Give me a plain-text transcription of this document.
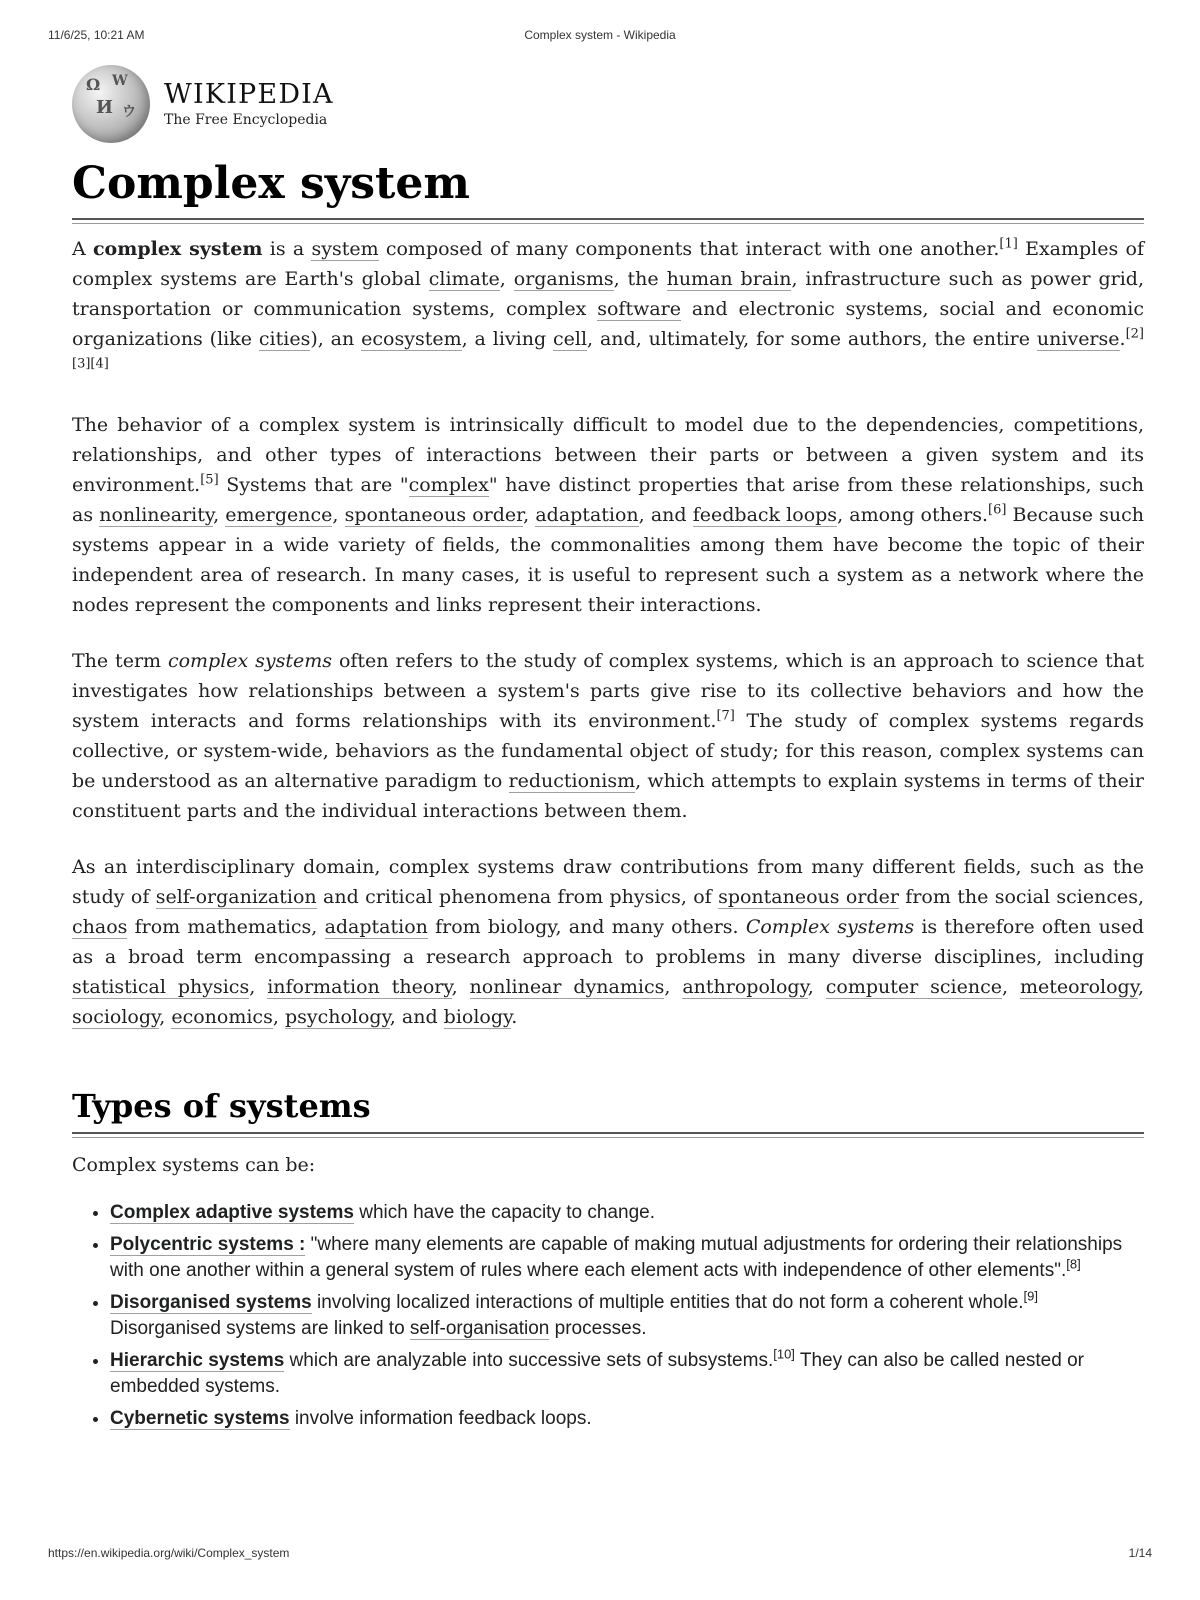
11/6/25, 10:21 AM	Complex system - Wikipedia
Ω W
И ウ
WIKIPEDIA
The Free Encyclopedia
Complex system

A complex system is a system composed of many components that interact with one another.[1] Examples of complex systems are Earth's global climate, organisms, the human brain, infrastructure such as power grid, transportation or communication systems, complex software and electronic systems, social and economic organizations (like cities), an ecosystem, a living cell, and, ultimately, for some authors, the entire universe.[2][3][4]

The behavior of a complex system is intrinsically difficult to model due to the dependencies, competitions, relationships, and other types of interactions between their parts or between a given system and its environment.[5] Systems that are "complex" have distinct properties that arise from these relationships, such as nonlinearity, emergence, spontaneous order, adaptation, and feedback loops, among others.[6] Because such systems appear in a wide variety of fields, the commonalities among them have become the topic of their independent area of research. In many cases, it is useful to represent such a system as a network where the nodes represent the components and links represent their interactions.

The term complex systems often refers to the study of complex systems, which is an approach to science that investigates how relationships between a system's parts give rise to its collective behaviors and how the system interacts and forms relationships with its environment.[7] The study of complex systems regards collective, or system-wide, behaviors as the fundamental object of study; for this reason, complex systems can be understood as an alternative paradigm to reductionism, which attempts to explain systems in terms of their constituent parts and the individual interactions between them.

As an interdisciplinary domain, complex systems draw contributions from many different fields, such as the study of self-organization and critical phenomena from physics, of spontaneous order from the social sciences, chaos from mathematics, adaptation from biology, and many others. Complex systems is therefore often used as a broad term encompassing a research approach to problems in many diverse disciplines, including statistical physics, information theory, nonlinear dynamics, anthropology, computer science, meteorology, sociology, economics, psychology, and biology.

Types of systems
Complex systems can be:
• Complex adaptive systems which have the capacity to change.
• Polycentric systems : "where many elements are capable of making mutual adjustments for ordering their relationships with one another within a general system of rules where each element acts with independence of other elements".[8]
• Disorganised systems involving localized interactions of multiple entities that do not form a coherent whole.[9] Disorganised systems are linked to self-organisation processes.
• Hierarchic systems which are analyzable into successive sets of subsystems.[10] They can also be called nested or embedded systems.
• Cybernetic systems involve information feedback loops.
https://en.wikipedia.org/wiki/Complex_system	1/14
